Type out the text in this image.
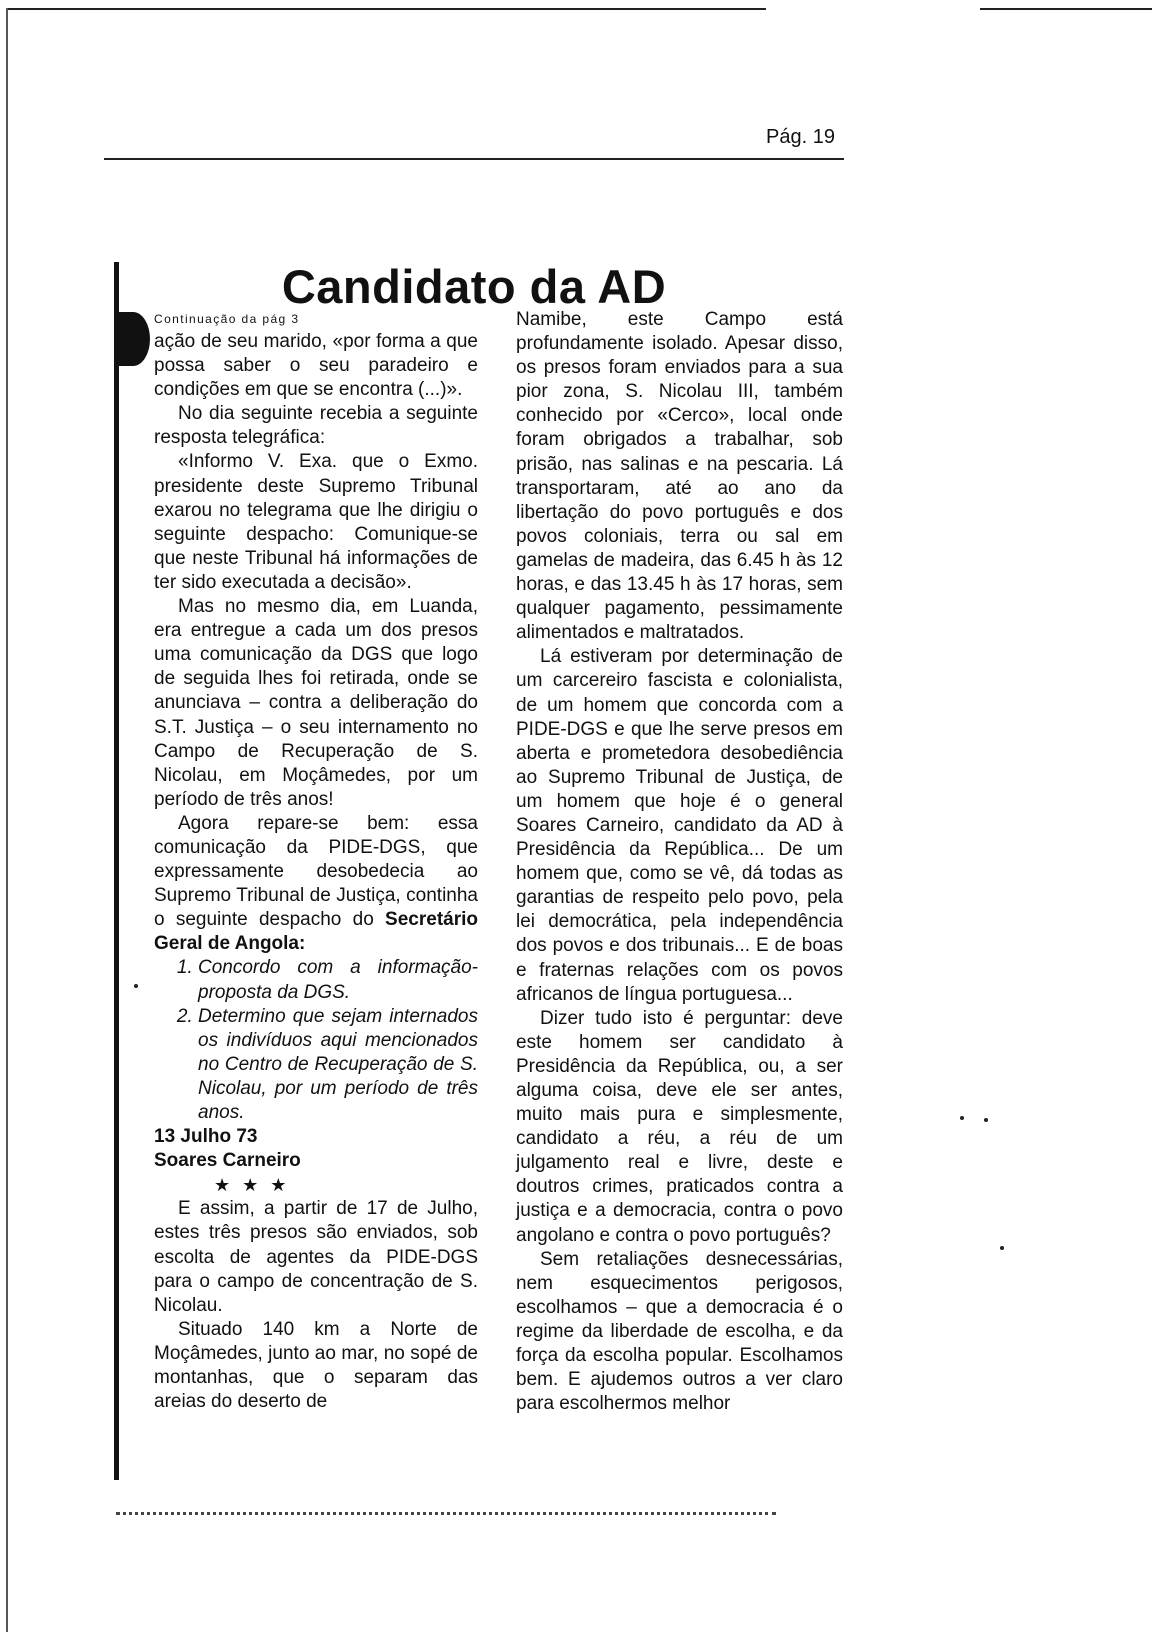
Pág. 19
Candidato da AD

Continuação da pág 3

ação de seu marido, «por forma a que possa saber o seu paradeiro e condições em que se encontra (...)».

No dia seguinte recebia a seguinte resposta telegráfica:

«Informo V. Exa. que o Exmo. presidente deste Supremo Tribunal exarou no telegrama que lhe dirigiu o seguinte despacho: Comunique-se que neste Tribunal há informações de ter sido executada a decisão».

Mas no mesmo dia, em Luanda, era entregue a cada um dos presos uma comunicação da DGS que logo de seguida lhes foi retirada, onde se anunciava – contra a deliberação do S.T. Justiça – o seu internamento no Campo de Recuperação de S. Nicolau, em Moçâmedes, por um período de três anos!

Agora repare-se bem: essa comunicação da PIDE-DGS, que expressamente desobedecia ao Supremo Tribunal de Justiça, continha o seguinte despacho do Secretário Geral de Angola:

1. Concordo com a informação-proposta da DGS.
2. Determino que sejam internados os indivíduos aqui mencionados no Centro de Recuperação de S. Nicolau, por um período de três anos.

13 Julho 73

Soares Carneiro

★★★

E assim, a partir de 17 de Julho, estes três presos são enviados, sob escolta de agentes da PIDE-DGS para o campo de concentração de S. Nicolau.

Situado 140 km a Norte de Moçâmedes, junto ao mar, no sopé de montanhas, que o separam das areias do deserto de

Namibe, este Campo está profundamente isolado. Apesar disso, os presos foram enviados para a sua pior zona, S. Nicolau III, também conhecido por «Cerco», local onde foram obrigados a trabalhar, sob prisão, nas salinas e na pescaria. Lá transportaram, até ao ano da libertação do povo português e dos povos coloniais, terra ou sal em gamelas de madeira, das 6.45 h às 12 horas, e das 13.45 h às 17 horas, sem qualquer pagamento, pessimamente alimentados e maltratados.

Lá estiveram por determinação de um carcereiro fascista e colonialista, de um homem que concorda com a PIDE-DGS e que lhe serve presos em aberta e prometedora desobediência ao Supremo Tribunal de Justiça, de um homem que hoje é o general Soares Carneiro, candidato da AD à Presidência da República... De um homem que, como se vê, dá todas as garantias de respeito pelo povo, pela lei democrática, pela independência dos povos e dos tribunais... E de boas e fraternas relações com os povos africanos de língua portuguesa...

Dizer tudo isto é perguntar: deve este homem ser candidato à Presidência da República, ou, a ser alguma coisa, deve ele ser antes, muito mais pura e simplesmente, candidato a réu, a réu de um julgamento real e livre, deste e doutros crimes, praticados contra a justiça e a democracia, contra o povo angolano e contra o povo português?

Sem retaliações desnecessárias, nem esquecimentos perigosos, escolhamos – que a democracia é o regime da liberdade de escolha, e da força da escolha popular. Escolhamos bem. E ajudemos outros a ver claro para escolhermos melhor
